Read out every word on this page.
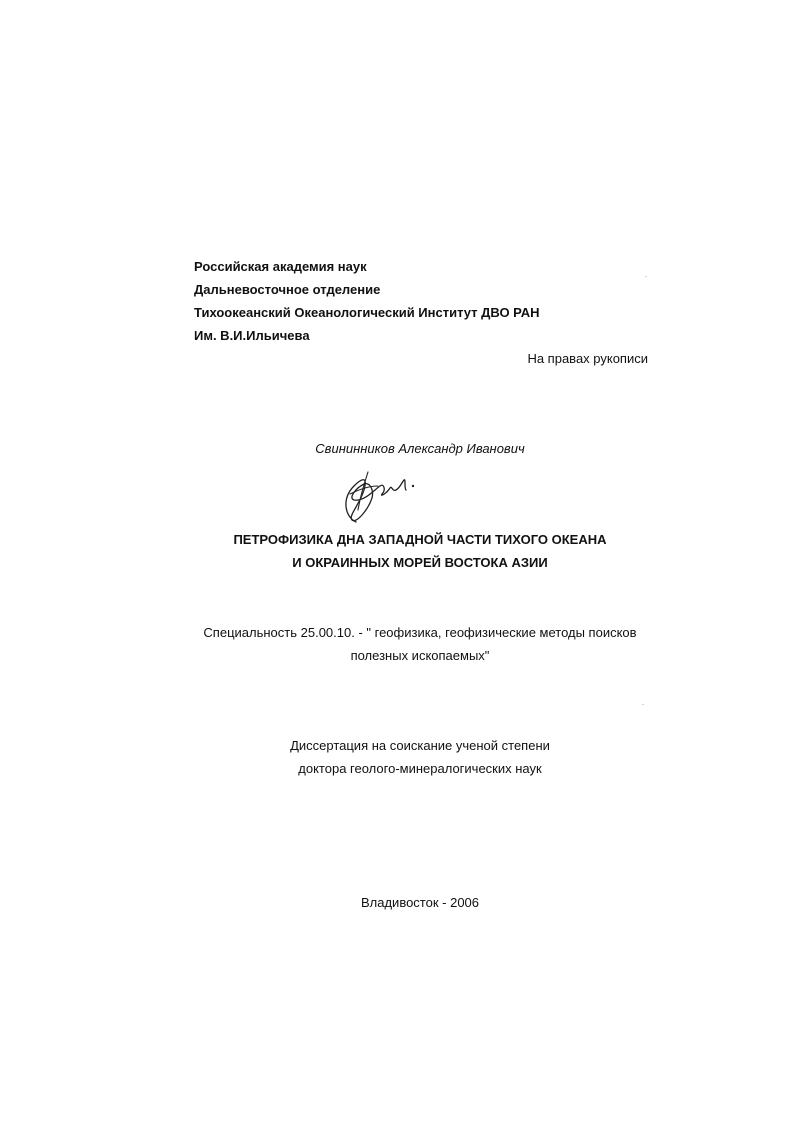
Российская академия наук
Дальневосточное отделение
Тихоокеанский Океанологический Институт ДВО РАН
Им. В.И.Ильичева
На правах рукописи
Свининников Александр Иванович
ПЕТРОФИЗИКА ДНА ЗАПАДНОЙ ЧАСТИ ТИХОГО ОКЕАНА
И ОКРАИННЫХ МОРЕЙ ВОСТОКА АЗИИ
Специальность 25.00.10. - " геофизика, геофизические методы поисков
полезных ископаемых"
Диссертация на соискание ученой степени
доктора геолого-минералогических наук
Владивосток - 2006
